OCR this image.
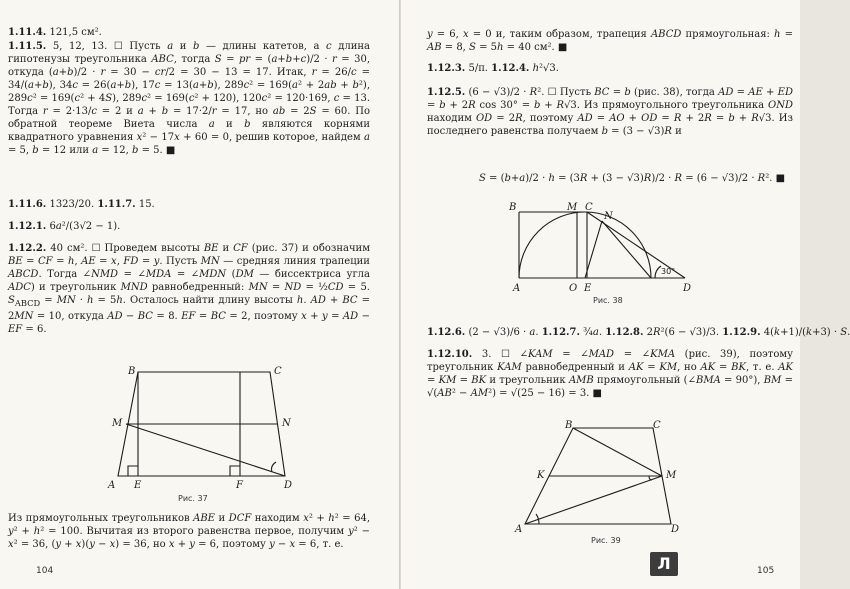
1.11.4. 121,5 см².
1.11.5. 5, 12, 13. ☐ Пусть a и b — длины катетов, а c длина гипотенузы треугольника ABC, тогда S = pr = (a+b+c)/2 · r = 30, откуда (a+b)/2 · r = 30 − cr/2 = 30 − 13 = 17. Итак, r = 26/c = 34/(a+b), 34c = 26(a+b), 17c = 13(a+b), 289c² = 169(a² + 2ab + b²), 289c² = 169(c² + 4S), 289c² = 169(c² + 120), 120c² = 120·169, c = 13. Тогда r = 2·13/c = 2 и a + b = 17·2/r = 17, но ab = 2S = 60. По обратной теореме Виета числа a и b являются корнями квадратного уравнения x² − 17x + 60 = 0, решив которое, найдем a = 5, b = 12 или a = 12, b = 5. ■
1.11.6. 1323/20. 1.11.7. 15.
1.12.1. 6a²/(3√2 − 1).
1.12.2. 40 см². ☐ Проведем высоты BE и CF (рис. 37) и обозначим BE = CF = h, AE = x, FD = y. Пусть MN — средняя линия трапеции ABCD. Тогда ∠NMD = ∠MDA = ∠MDN (DM — биссектриса угла ADC) и треугольник MND равнобедренный: MN = ND = ½CD = 5. $S_{ABCD}$ = MN · h = 5h. Осталось найти длину высоты h. AD + BC = 2MN = 10, откуда AD − BC = 8. EF = BC = 2, поэтому x + y = AD − EF = 6.
B	C
M	N
A E	F	D
Рис. 37
Из прямоугольных треугольников ABE и DCF находим x² + h² = 64, y² + h² = 100. Вычитая из второго равенства первое, получим y² − x² = 36, (y + x)(y − x) = 36, но x + y = 6, поэтому y − x = 6, т. е.
104
y = 6, x = 0 и, таким образом, трапеция ABCD прямоугольная: h = AB = 8, S = 5h = 40 см². ■
1.12.3. 5/π. 1.12.4. h²√3.
1.12.5. (6 − √3)/2 · R². ☐ Пусть BC = b (рис. 38), тогда AD = AE + ED = b + 2R cos 30° = b + R√3. Из прямоугольного треугольника OND находим OD = 2R, поэтому AD = AO + OD = R + 2R = b + R√3. Из последнего равенства получаем b = (3 − √3)R и
S = (b+a)/2 · h = (3R + (3 − √3)R)/2 · R = (6 − √3)/2 · R². ■
B	M C
N
A	O E	D
30°
Рис. 38
1.12.6. (2 − √3)/6 · a. 1.12.7. ¾a. 1.12.8. 2R²(6 − √3)/3. 1.12.9. 4(k+1)/(k+3) · S.
1.12.10. 3. ☐ ∠KAM = ∠MAD = ∠KMA (рис. 39), поэтому треугольник KAM равнобедренный и AK = KM, но AK = BK, т. е. AK = KM = BK и треугольник AMB прямоугольный (∠BMA = 90°), BM = √(AB² − AM²) = √(25 − 16) = 3. ■
B	C
K	M
A	D
Рис. 39
105
Л
